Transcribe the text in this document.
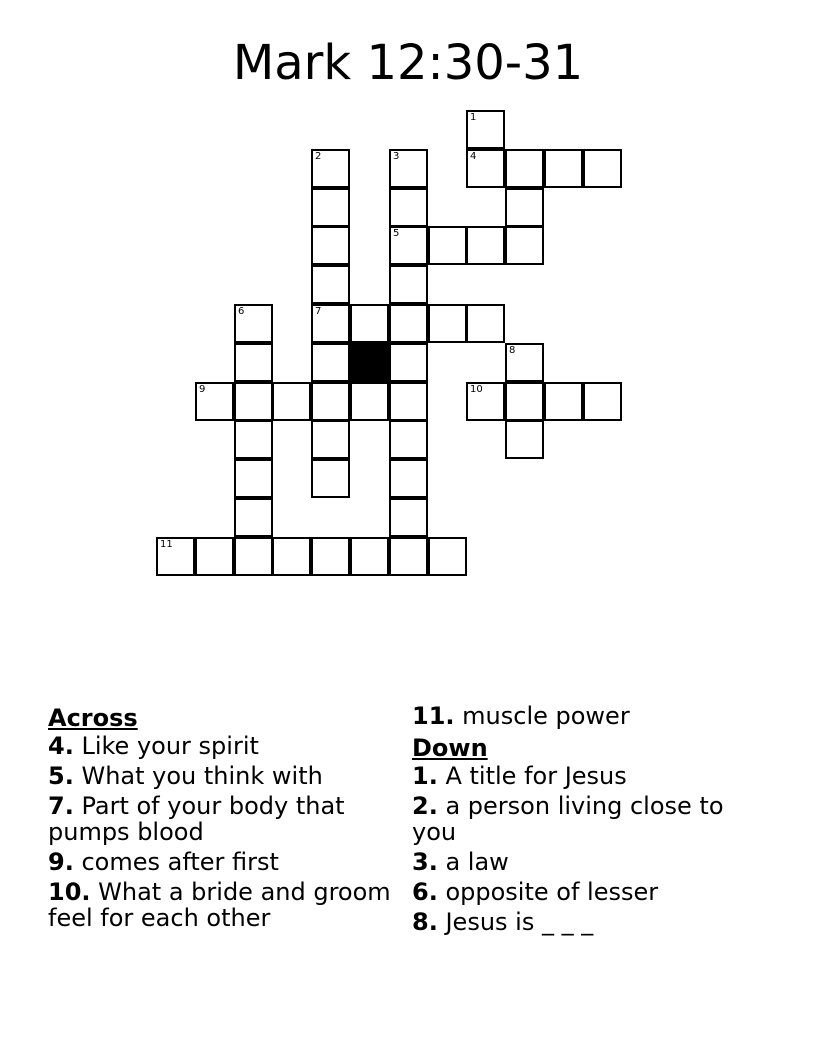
Mark 12:30-31
1
2	3	4
5
6	7
8
9	10
11
Across
4. Like your spirit
5. What you think with
7. Part of your body that pumps blood
9. comes after first
10. What a bride and groom feel for each other
11. muscle power
Down
1. A title for Jesus
2. a person living close to you
3. a law
6. opposite of lesser
8. Jesus is _ _ _
